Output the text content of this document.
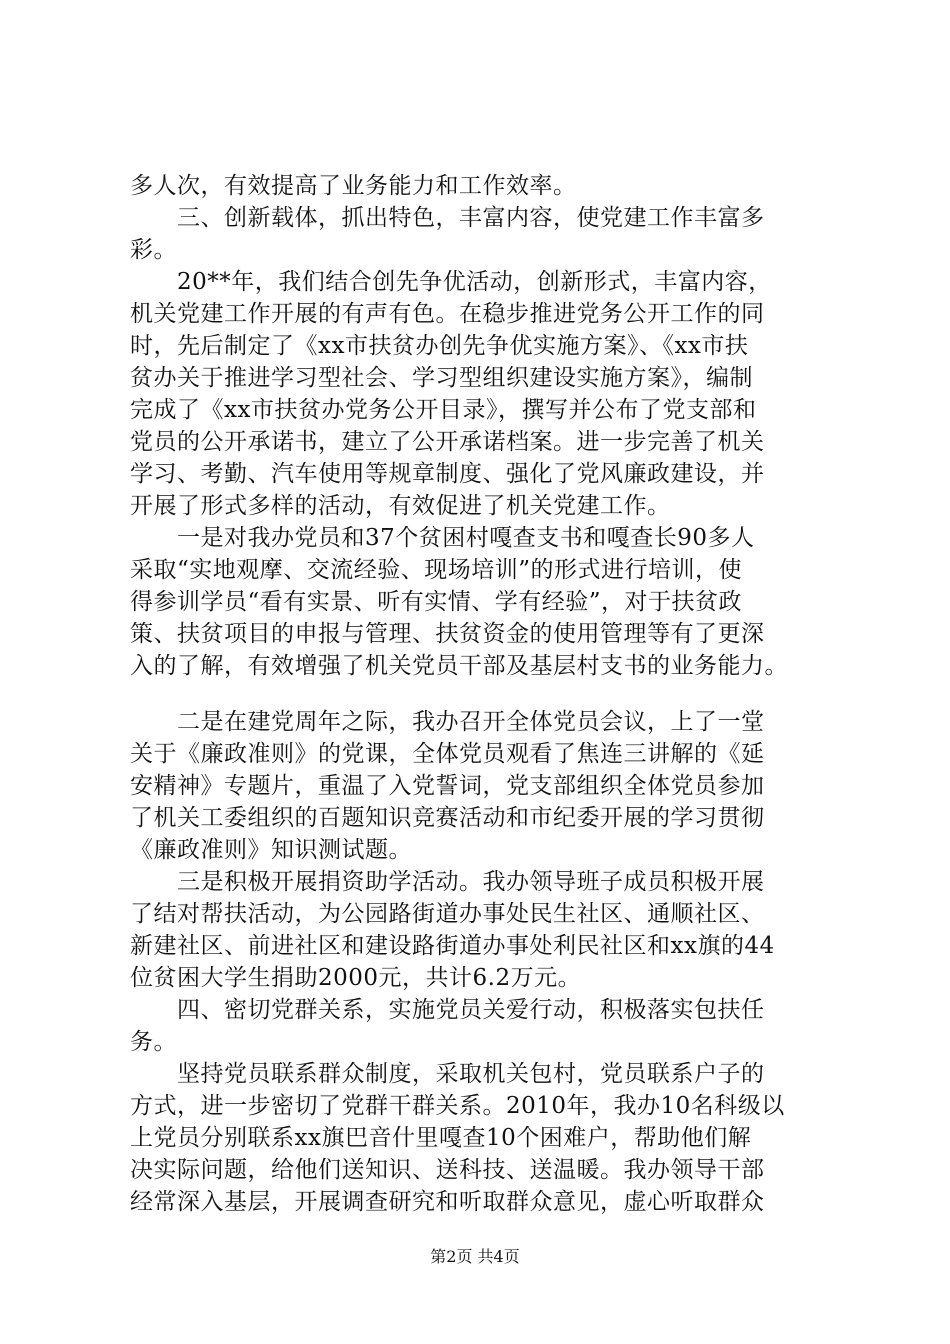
多人次，有效提高了业务能力和工作效率。
　　三、创新载体，抓出特色，丰富内容，使党建工作丰富多
彩。
　　20**年，我们结合创先争优活动，创新形式，丰富内容，
机关党建工作开展的有声有色。在稳步推进党务公开工作的同
时，先后制定了《xx市扶贫办创先争优实施方案》、《xx市扶
贫办关于推进学习型社会、学习型组织建设实施方案》，编制
完成了《xx市扶贫办党务公开目录》，撰写并公布了党支部和
党员的公开承诺书，建立了公开承诺档案。进一步完善了机关
学习、考勤、汽车使用等规章制度、强化了党风廉政建设，并
开展了形式多样的活动，有效促进了机关党建工作。
　　一是对我办党员和37个贫困村嘎查支书和嘎查长90多人
采取“实地观摩、交流经验、现场培训”的形式进行培训，使
得参训学员“看有实景、听有实情、学有经验”，对于扶贫政
策、扶贫项目的申报与管理、扶贫资金的使用管理等有了更深
入的了解，有效增强了机关党员干部及基层村支书的业务能力。
　　二是在建党周年之际，我办召开全体党员会议，上了一堂
关于《廉政准则》的党课，全体党员观看了焦连三讲解的《延
安精神》专题片，重温了入党誓词，党支部组织全体党员参加
了机关工委组织的百题知识竞赛活动和市纪委开展的学习贯彻
《廉政准则》知识测试题。
　　三是积极开展捐资助学活动。我办领导班子成员积极开展
了结对帮扶活动，为公园路街道办事处民生社区、通顺社区、
新建社区、前进社区和建设路街道办事处利民社区和xx旗的44
位贫困大学生捐助2000元，共计6.2万元。
　　四、密切党群关系，实施党员关爱行动，积极落实包扶任
务。
　　坚持党员联系群众制度，采取机关包村，党员联系户子的
方式，进一步密切了党群干群关系。2010年，我办10名科级以
上党员分别联系xx旗巴音什里嘎查10个困难户，帮助他们解
决实际问题，给他们送知识、送科技、送温暖。我办领导干部
经常深入基层，开展调查研究和听取群众意见，虚心听取群众
第2页 共4页
